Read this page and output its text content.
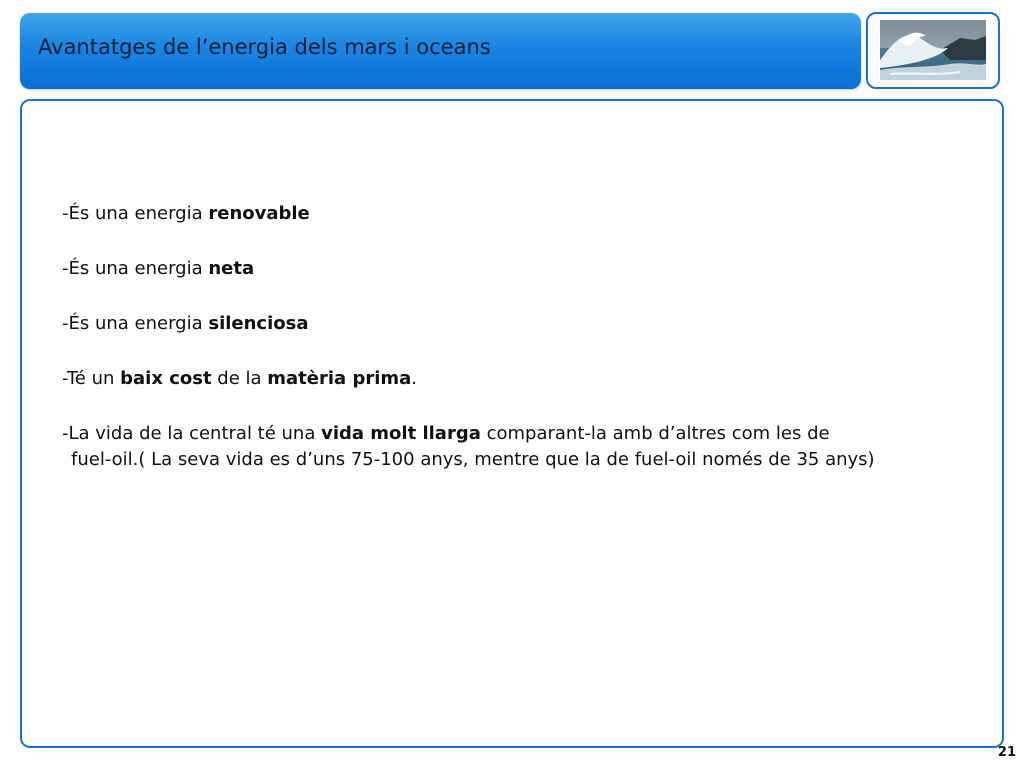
Avantatges de l’energia dels mars i oceans
-És una energia renovable
-És una energia neta
-És una energia silenciosa
-Té un baix cost de la matèria prima.
-La vida de la central té una vida molt llarga comparant-la amb d’altres com les de
fuel-oil.( La seva vida es d’uns 75-100 anys, mentre que la de fuel-oil només de 35 anys)
21
